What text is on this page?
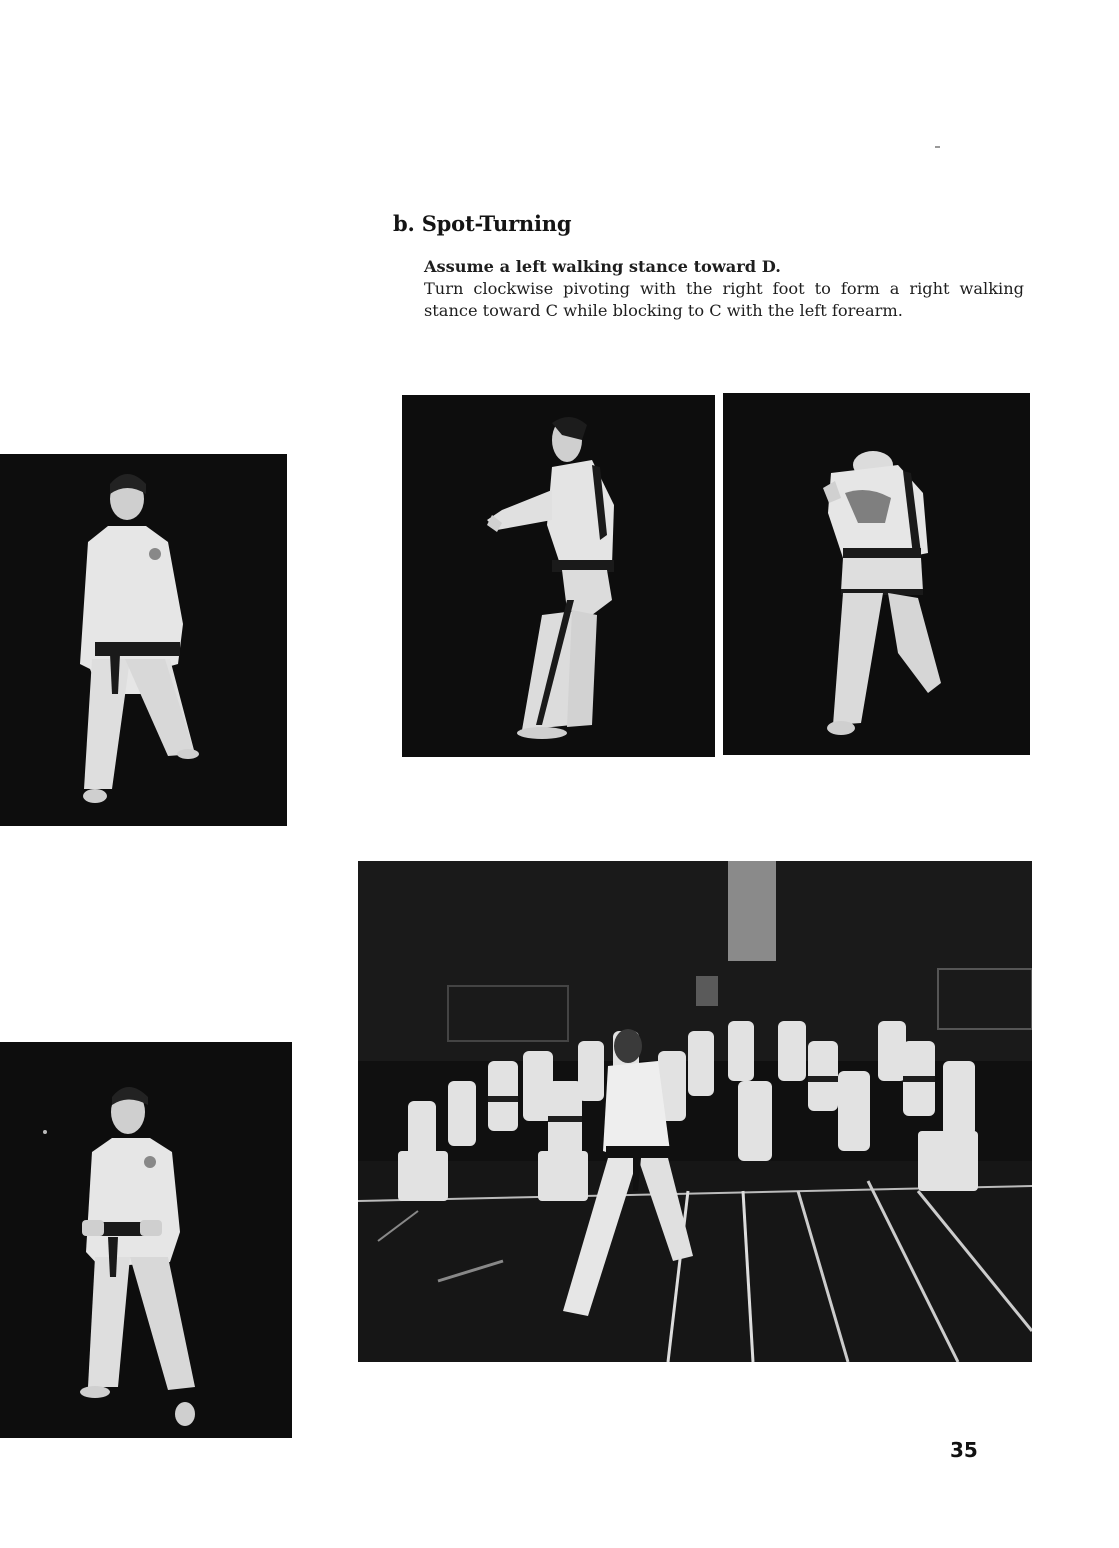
b. Spot-Turning
Assume a left walking stance toward D.
Turn clockwise pivoting with the right foot to form a right walking stance toward C while blocking to C with the left forearm.
35
